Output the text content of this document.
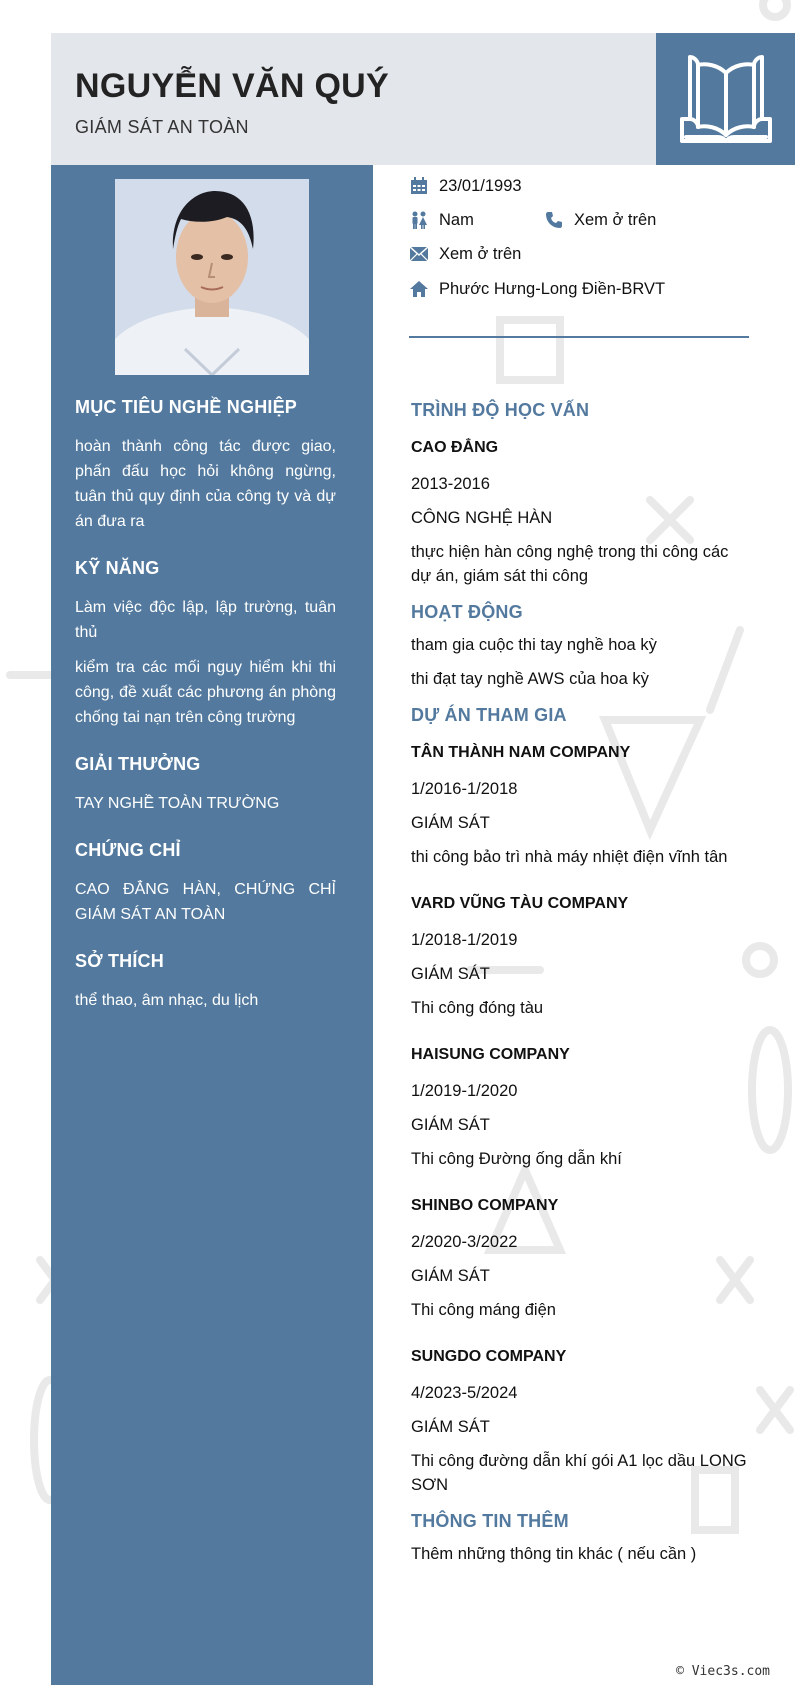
NGUYỄN VĂN QUÝ
GIÁM SÁT AN TOÀN
MỤC TIÊU NGHỀ NGHIỆP
hoàn thành công tác được giao, phấn đấu học hỏi không ngừng, tuân thủ quy định của công ty và dự án đưa ra
KỸ NĂNG
Làm việc độc lập, lập trường, tuân thủ
kiểm tra các mối nguy hiểm khi thi công, đề xuất các phương án phòng chống tai nạn trên công trường
GIẢI THƯỞNG
TAY NGHỀ TOÀN TRƯỜNG
CHỨNG CHỈ
CAO ĐẲNG HÀN, CHỨNG CHỈ GIÁM SÁT AN TOÀN
SỞ THÍCH
thể thao, âm nhạc, du lịch
23/01/1993
Nam	Xem ở trên
Xem ở trên
Phước Hưng-Long Điền-BRVT
TRÌNH ĐỘ HỌC VẤN
CAO ĐẲNG
2013-2016
CÔNG NGHỆ HÀN
thực hiện hàn công nghệ trong thi công các dự án, giám sát thi công
HOẠT ĐỘNG
tham gia cuộc thi tay nghề hoa kỳ
thi đạt tay nghề AWS của hoa kỳ
DỰ ÁN THAM GIA
TÂN THÀNH NAM COMPANY
1/2016-1/2018
GIÁM SÁT
thi công bảo trì nhà máy nhiệt điện vĩnh tân
VARD VŨNG TÀU COMPANY
1/2018-1/2019
GIÁM SÁT
Thi công đóng tàu
HAISUNG COMPANY
1/2019-1/2020
GIÁM SÁT
Thi công Đường ống dẫn khí
SHINBO COMPANY
2/2020-3/2022
GIÁM SÁT
Thi công máng điện
SUNGDO COMPANY
4/2023-5/2024
GIÁM SÁT
Thi công đường dẫn khí gói A1 lọc dầu LONG SƠN
THÔNG TIN THÊM
Thêm những thông tin khác ( nếu cần )
© Viec3s.com
